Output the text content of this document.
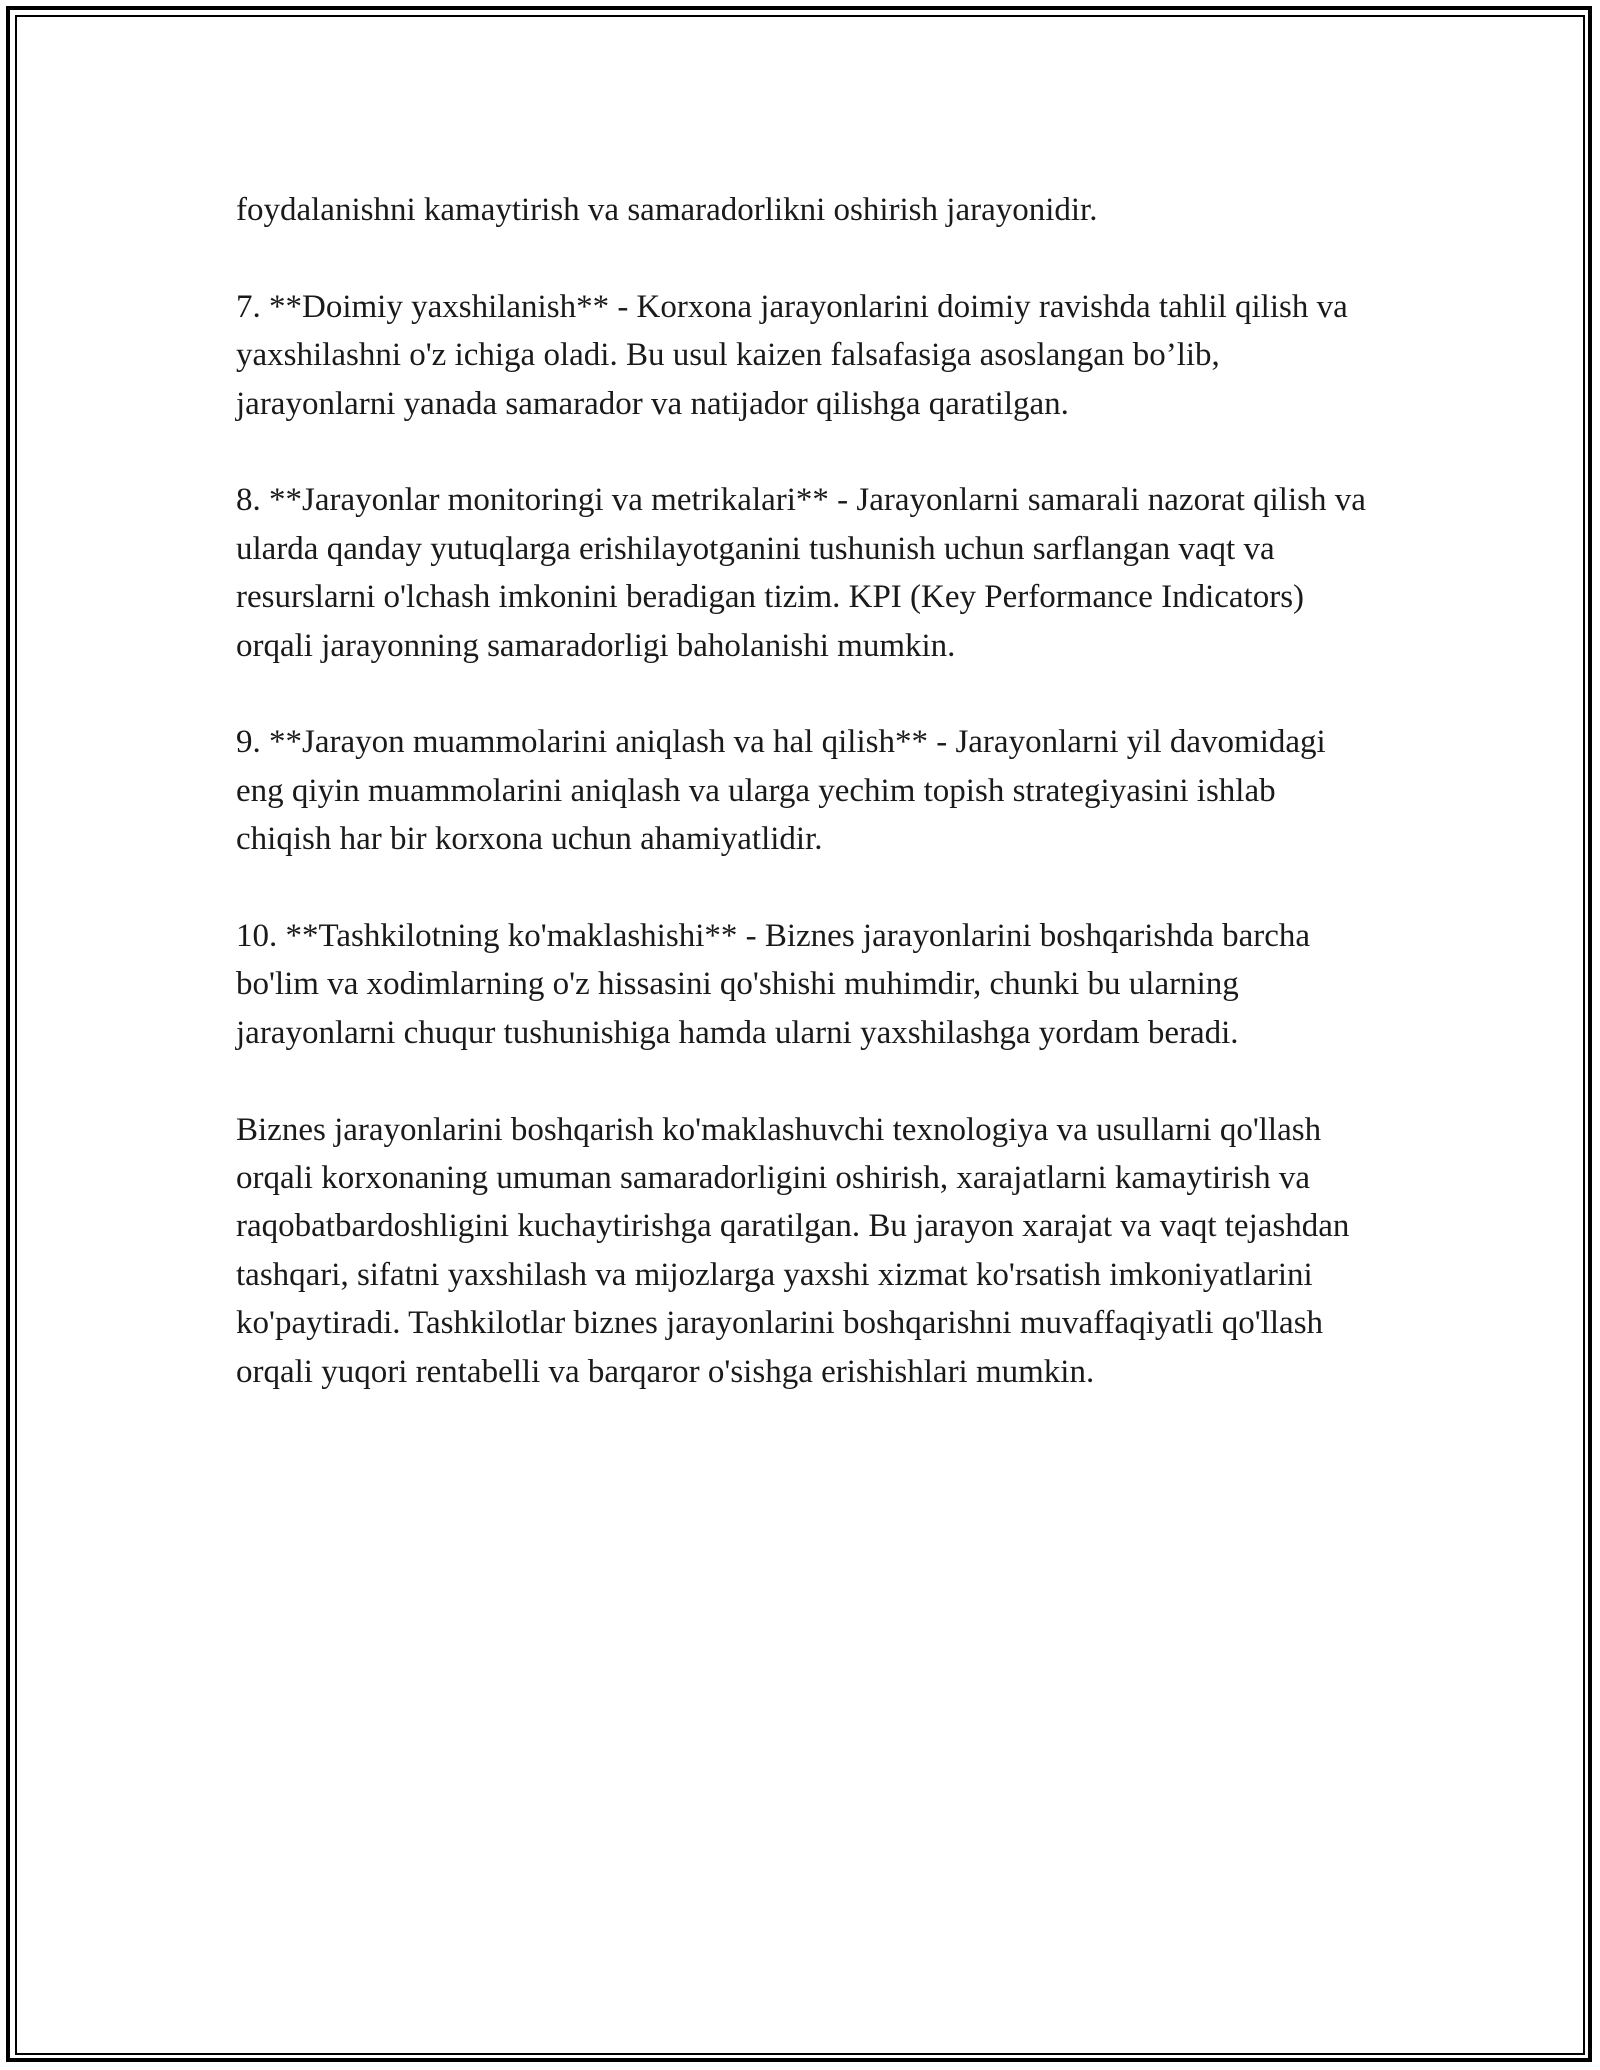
foydalanishni kamaytirish va samaradorlikni oshirish jarayonidir.

7. **Doimiy yaxshilanish** - Korxona jarayonlarini doimiy ravishda tahlil qilish va yaxshilashni o'z ichiga oladi. Bu usul kaizen falsafasiga asoslangan bo’lib, jarayonlarni yanada samarador va natijador qilishga qaratilgan.

8. **Jarayonlar monitoringi va metrikalari** - Jarayonlarni samarali nazorat qilish va ularda qanday yutuqlarga erishilayotganini tushunish uchun sarflangan vaqt va resurslarni o'lchash imkonini beradigan tizim. KPI (Key Performance Indicators) orqali jarayonning samaradorligi baholanishi mumkin.

9. **Jarayon muammolarini aniqlash va hal qilish** - Jarayonlarni yil davomidagi eng qiyin muammolarini aniqlash va ularga yechim topish strategiyasini ishlab chiqish har bir korxona uchun ahamiyatlidir.

10. **Tashkilotning ko'maklashishi** - Biznes jarayonlarini boshqarishda barcha bo'lim va xodimlarning o'z hissasini qo'shishi muhimdir, chunki bu ularning jarayonlarni chuqur tushunishiga hamda ularni yaxshilashga yordam beradi.

Biznes jarayonlarini boshqarish ko'maklashuvchi texnologiya va usullarni qo'llash orqali korxonaning umuman samaradorligini oshirish, xarajatlarni kamaytirish va raqobatbardoshligini kuchaytirishga qaratilgan. Bu jarayon xarajat va vaqt tejashdan tashqari, sifatni yaxshilash va mijozlarga yaxshi xizmat ko'rsatish imkoniyatlarini ko'paytiradi. Tashkilotlar biznes jarayonlarini boshqarishni muvaffaqiyatli qo'llash orqali yuqori rentabelli va barqaror o'sishga erishishlari mumkin.
